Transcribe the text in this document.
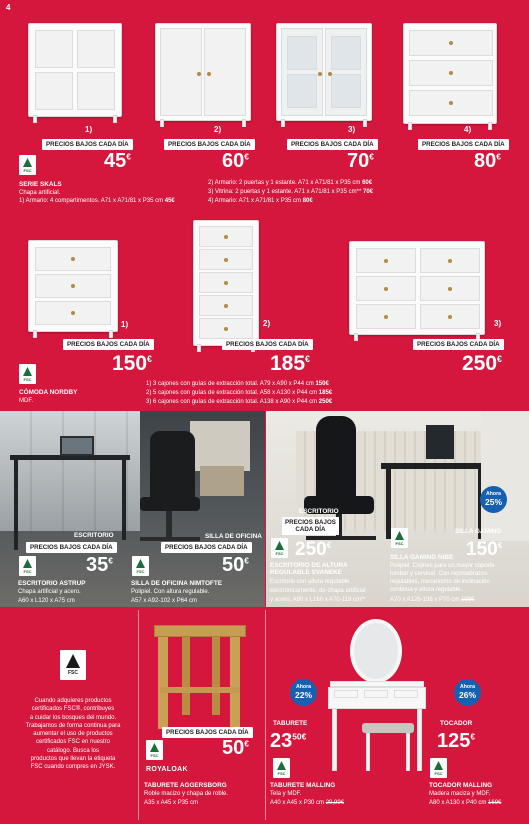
4
1)	2)	3)	4)
PRECIOS BAJOS CADA DÍA	PRECIOS BAJOS CADA DÍA	PRECIOS BAJOS CADA DÍA	PRECIOS BAJOS CADA DÍA
45€	60€	70€	80€
FSC
SERIE SKALS
Chapa artificial.
1) Armario: 4 compartimentos. A71 x A71/81 x P35 cm 45€
2) Armario: 2 puertas y 1 estante. A71 x A71/81 x P35 cm 60€
3) Vitrina: 2 puertas y 1 estante. A71 x A71/81 x P35 cm** 70€
4) Armario: A71 x A71/81 x P35 cm 80€
1)	2)	3)
PRECIOS BAJOS CADA DÍA	PRECIOS BAJOS CADA DÍA	PRECIOS BAJOS CADA DÍA
150€	185€	250€
FSC
CÓMODA NORDBY
MDF.
1) 3 cajones con guías de extracción total. A79 x A90 x P44 cm 150€
2) 5 cajones con guías de extracción total. A58 x A130 x P44 cm 185€
3) 6 cajones con guías de extracción total. A138 x A90 x P44 cm 250€
ESCRITORIO
PRECIOS BAJOS CADA DÍA
35€
FSC
ESCRITORIO ASTRUP
Chapa artificial y acero.
A60 x L120 x A75 cm
SILLA DE OFICINA
PRECIOS BAJOS CADA DÍA
50€
FSC
SILLA DE OFICINA NIMTOFTE
Polipiel. Con altura regulable.
A57 x A92-102 x P64 cm
ESCRITORIO
PRECIOS BAJOS
CADA DÍA
250€
FSC
ESCRITORIO DE ALTURA
REGULABLE SVANEKE
Escritorio con altura regulable
electrónicamente, de chapa artificial
y acero. A80 x L160 x A70-119 cm**
Ahora
25%
SILLA GAMING
150€
FSC
SILLA GAMING NIBE
Polipiel. Cojines para un mayor soporte
lumbar y cervical. Con reposabrazos
regulables, mecanismo de inclinación
continua y altura regulable.
A70 x A126-136 x P70 cm 199€
FSC
Cuando adquieres productos
certificados FSC®, contribuyes
a cuidar los bosques del mundo.
Trabajamos de forma continua para
aumentar el uso de productos
certificados FSC en nuestro
catálogo. Busca los
productos que llevan la etiqueta
FSC cuando compres en JYSK.
PRECIOS BAJOS CADA DÍA
50€
FSC
ROYALOAK
TABURETE AGGERSBORG
Roble macizo y chapa de roble.
A35 x A45 x P35 cm
Ahora
22%
TABURETE
$23^{50€}$
FSC
TABURETE MALLING
Tela y MDF.
A40 x A45 x P30 cm 29,99€
Ahora
26%
TOCADOR
125€
FSC
TOCADOR MALLING
Madera maciza y MDF.
A80 x A130 x P40 cm 169€
